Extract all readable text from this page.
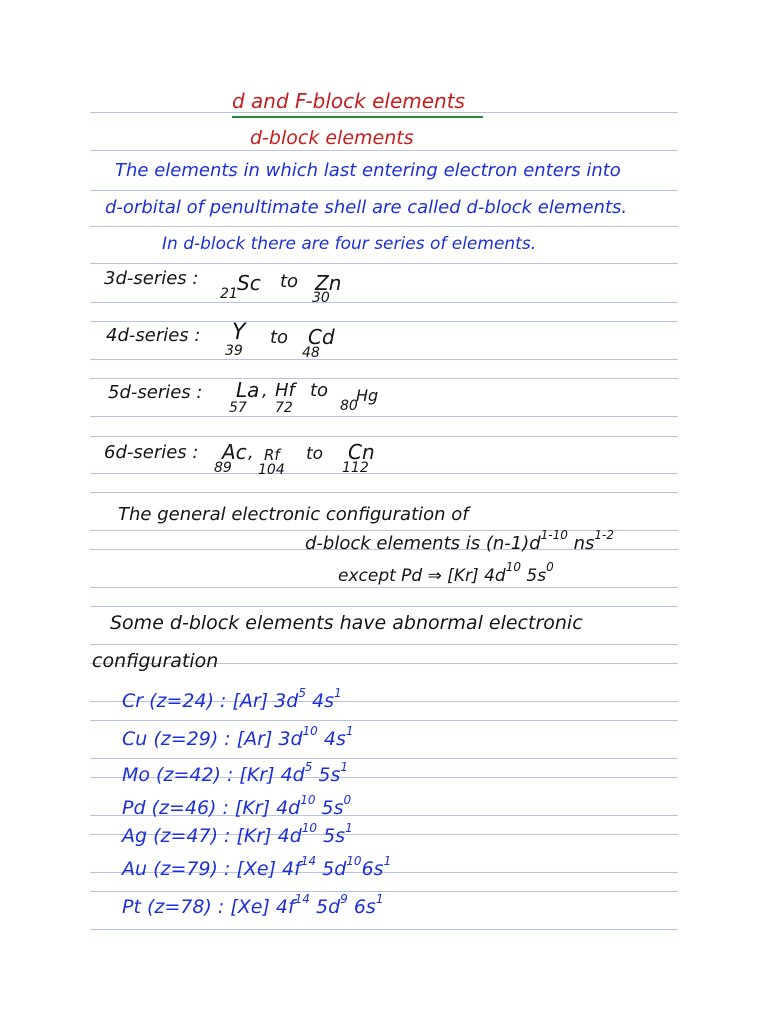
d and F-block elements
d-block elements
The elements in which last entering electron enters into
d-orbital of penultimate shell are called d-block elements.
In d-block there are four series of elements.
3d-series : Sc
21
to Zn
30
4d-series : Y
39
to Cd
48
5d-series : La ,
57
Hf
72
to Hg
80
6d-series : Ac ,
89
Rf
104
to Cn
112
The general electronic configuration of
d-block elements is $(n-1)d^{1-10}$ $ns^{1-2}$
except Pd ⇒ [Kr] $4d^{10}$ $5s^0$
Some d-block elements have abnormal electronic
configuration
Cr (z=24) : [Ar] $3d^5$ $4s^1$
Cu (z=29) : [Ar] $3d^{10}$ $4s^1$
Mo (z=42) : [Kr] $4d^5$ $5s^1$
Pd (z=46) : [Kr] $4d^{10}$ $5s^0$
Ag (z=47) : [Kr] $4d^{10}$ $5s^1$
Au (z=79) : [Xe] $4f^{14}$ $5d^{10}6s^1$
Pt (z=78) : [Xe] $4f^{14}$ $5d^9$ $6s^1$
